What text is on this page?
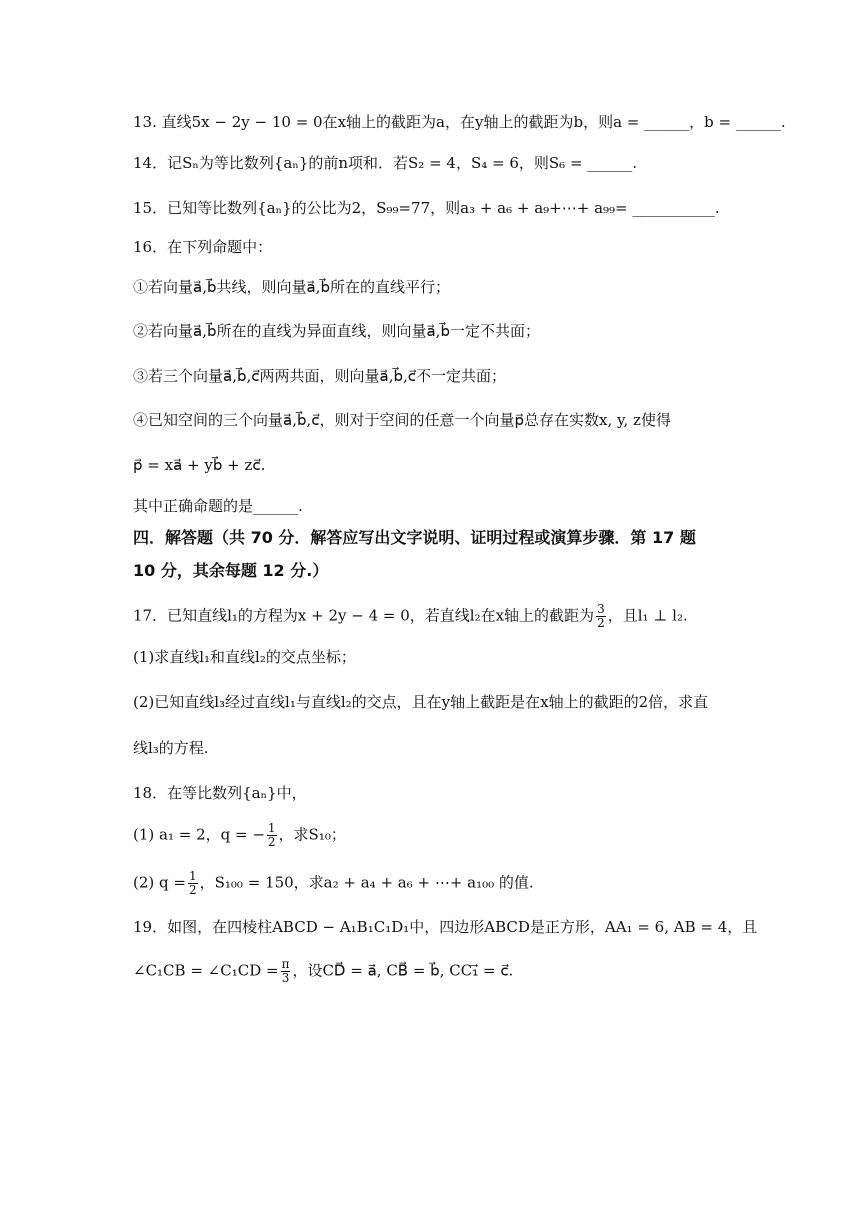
13. 直线5x − 2y − 10 = 0在x轴上的截距为a，在y轴上的截距为b，则a = ______，b = ______.
14．记Sₙ为等比数列{aₙ}的前n项和．若S₂ = 4，S₄ = 6，则S₆ = ______.
15．已知等比数列{aₙ}的公比为2，S₉₉=77，则a₃ + a₆ + a₉+⋯+ a₉₉= ___________.
16．在下列命题中：
①若向量a⃗,b⃗共线，则向量a⃗,b⃗所在的直线平行；
②若向量a⃗,b⃗所在的直线为异面直线，则向量a⃗,b⃗一定不共面；
③若三个向量a⃗,b⃗,c⃗两两共面，则向量a⃗,b⃗,c⃗不一定共面；
④已知空间的三个向量a⃗,b⃗,c⃗，则对于空间的任意一个向量p⃗总存在实数x, y, z使得
p⃗ = xa⃗ + yb⃗ + zc⃗.
其中正确命题的是______.
四．解答题（共 70 分．解答应写出文字说明、证明过程或演算步骤．第 17 题
10 分，其余每题 12 分.）
17．已知直线l₁的方程为x + 2y − 4 = 0，若直线l₂在x轴上的截距为 $\frac{3}{2}$ ，且l₁ ⊥ l₂.
(1)求直线l₁和直线l₂的交点坐标；
(2)已知直线l₃经过直线l₁与直线l₂的交点，且在y轴上截距是在x轴上的截距的2倍，求直
线l₃的方程.
18．在等比数列{aₙ}中，
(1) a₁ = 2，q = − $\frac{1}{2}$ ，求S₁₀；
(2) $q = \frac{1}{2}$ ，S₁₀₀ = 150，求a₂ + a₄ + a₆ + ⋯+ a₁₀₀ 的值.
19．如图，在四棱柱ABCD − A₁B₁C₁D₁中，四边形ABCD是正方形，AA₁ = 6, AB = 4，且
∠C₁CB = ∠C₁CD = $\frac{\pi}{3}$ ，设CD⃗ = a⃗, CB⃗ = b⃗, CC₁⃗ = c⃗.
